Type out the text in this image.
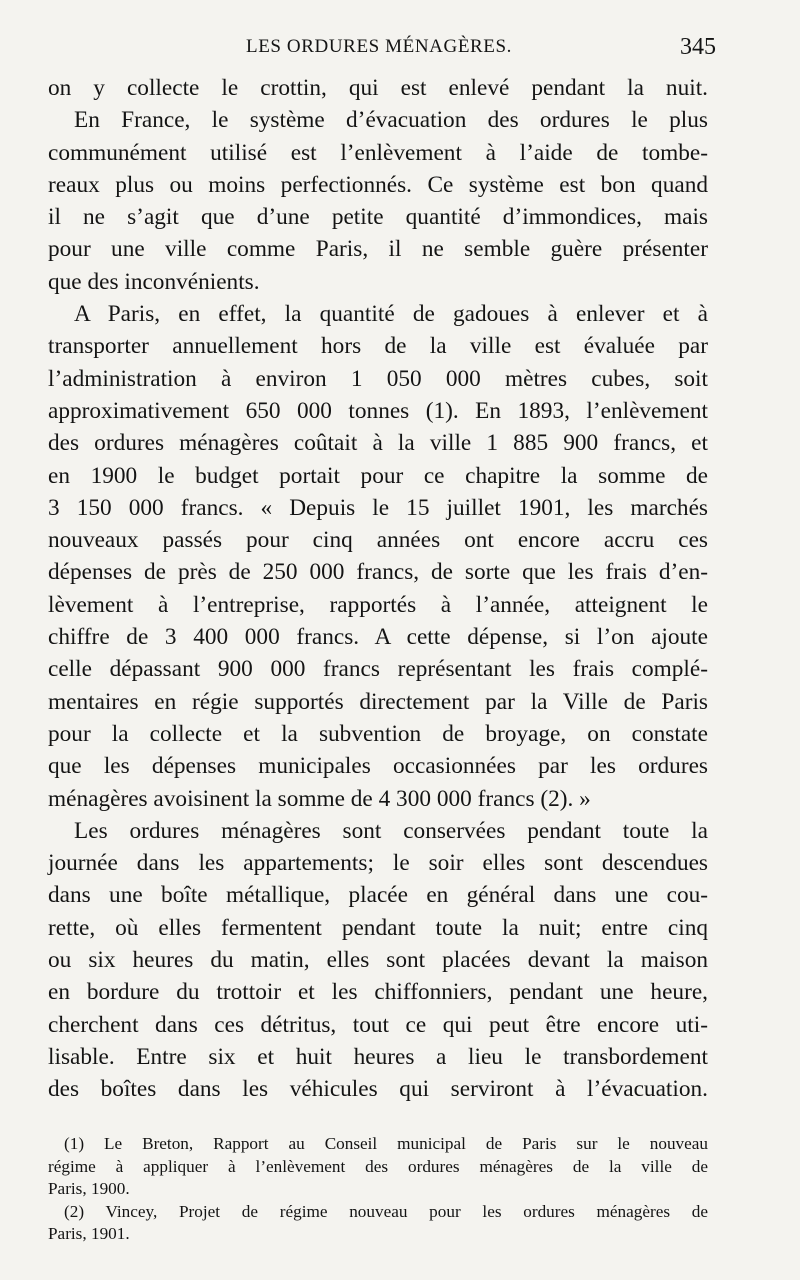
LES ORDURES MÉNAGÈRES.	345
on y collecte le crottin, qui est enlevé pendant la nuit.
En France, le système d’évacuation des ordures le plus
communément utilisé est l’enlèvement à l’aide de tombe-
reaux plus ou moins perfectionnés. Ce système est bon quand
il ne s’agit que d’une petite quantité d’immondices, mais
pour une ville comme Paris, il ne semble guère présenter
que des inconvénients.
A Paris, en effet, la quantité de gadoues à enlever et à
transporter annuellement hors de la ville est évaluée par
l’administration à environ 1 050 000 mètres cubes, soit
approximativement 650 000 tonnes (1). En 1893, l’enlèvement
des ordures ménagères coûtait à la ville 1 885 900 francs, et
en 1900 le budget portait pour ce chapitre la somme de
3 150 000 francs. « Depuis le 15 juillet 1901, les marchés
nouveaux passés pour cinq années ont encore accru ces
dépenses de près de 250 000 francs, de sorte que les frais d’en-
lèvement à l’entreprise, rapportés à l’année, atteignent le
chiffre de 3 400 000 francs. A cette dépense, si l’on ajoute
celle dépassant 900 000 francs représentant les frais complé-
mentaires en régie supportés directement par la Ville de Paris
pour la collecte et la subvention de broyage, on constate
que les dépenses municipales occasionnées par les ordures
ménagères avoisinent la somme de 4 300 000 francs (2). »
Les ordures ménagères sont conservées pendant toute la
journée dans les appartements; le soir elles sont descendues
dans une boîte métallique, placée en général dans une cou-
rette, où elles fermentent pendant toute la nuit; entre cinq
ou six heures du matin, elles sont placées devant la maison
en bordure du trottoir et les chiffonniers, pendant une heure,
cherchent dans ces détritus, tout ce qui peut être encore uti-
lisable. Entre six et huit heures a lieu le transbordement
des boîtes dans les véhicules qui serviront à l’évacuation.
(1) Le Breton, Rapport au Conseil municipal de Paris sur le nouveau
régime à appliquer à l’enlèvement des ordures ménagères de la ville de
Paris, 1900.
(2) Vincey, Projet de régime nouveau pour les ordures ménagères de
Paris, 1901.
